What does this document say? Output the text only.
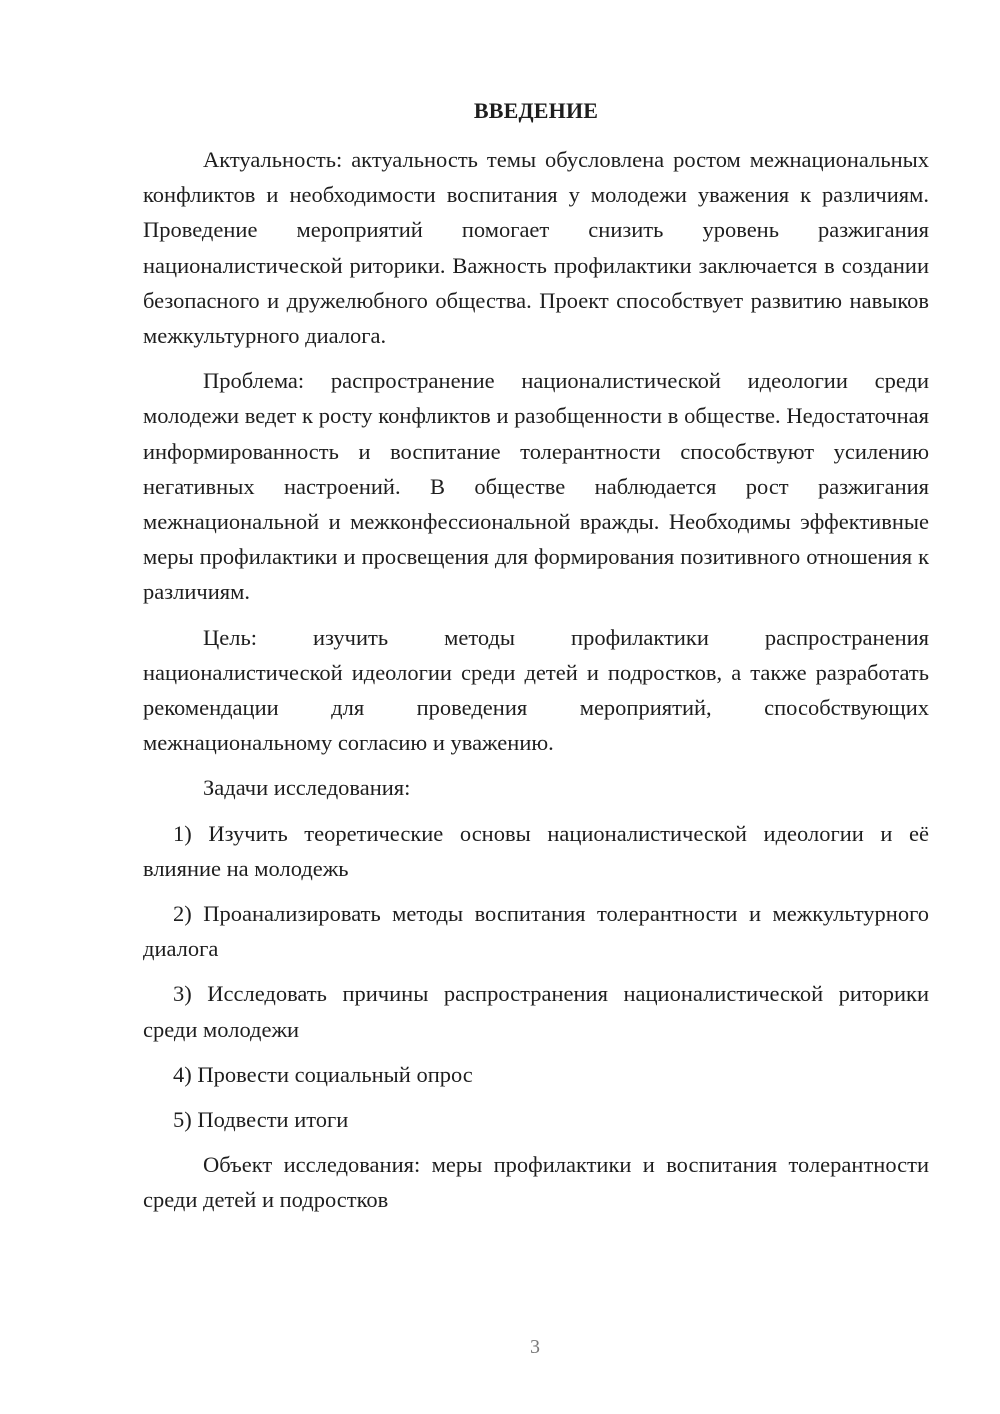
ВВЕДЕНИЕ

Актуальность: актуальность темы обусловлена ростом межнациональных конфликтов и необходимости воспитания у молодежи уважения к различиям. Проведение мероприятий помогает снизить уровень разжигания националистической риторики. Важность профилактики заключается в создании безопасного и дружелюбного общества. Проект способствует развитию навыков межкультурного диалога.

Проблема: распространение националистической идеологии среди молодежи ведет к росту конфликтов и разобщенности в обществе. Недостаточная информированность и воспитание толерантности способствуют усилению негативных настроений. В обществе наблюдается рост разжигания межнациональной и межконфессиональной вражды. Необходимы эффективные меры профилактики и просвещения для формирования позитивного отношения к различиям.

Цель: изучить методы профилактики распространения националистической идеологии среди детей и подростков, а также разработать рекомендации для проведения мероприятий, способствующих межнациональному согласию и уважению.

Задачи исследования:

1) Изучить теоретические основы националистической идеологии и её влияние на молодежь

2) Проанализировать методы воспитания толерантности и межкультурного диалога

3) Исследовать причины распространения националистической риторики среди молодежи

4) Провести социальный опрос

5) Подвести итоги

Объект исследования: меры профилактики и воспитания толерантности среди детей и подростков

3
